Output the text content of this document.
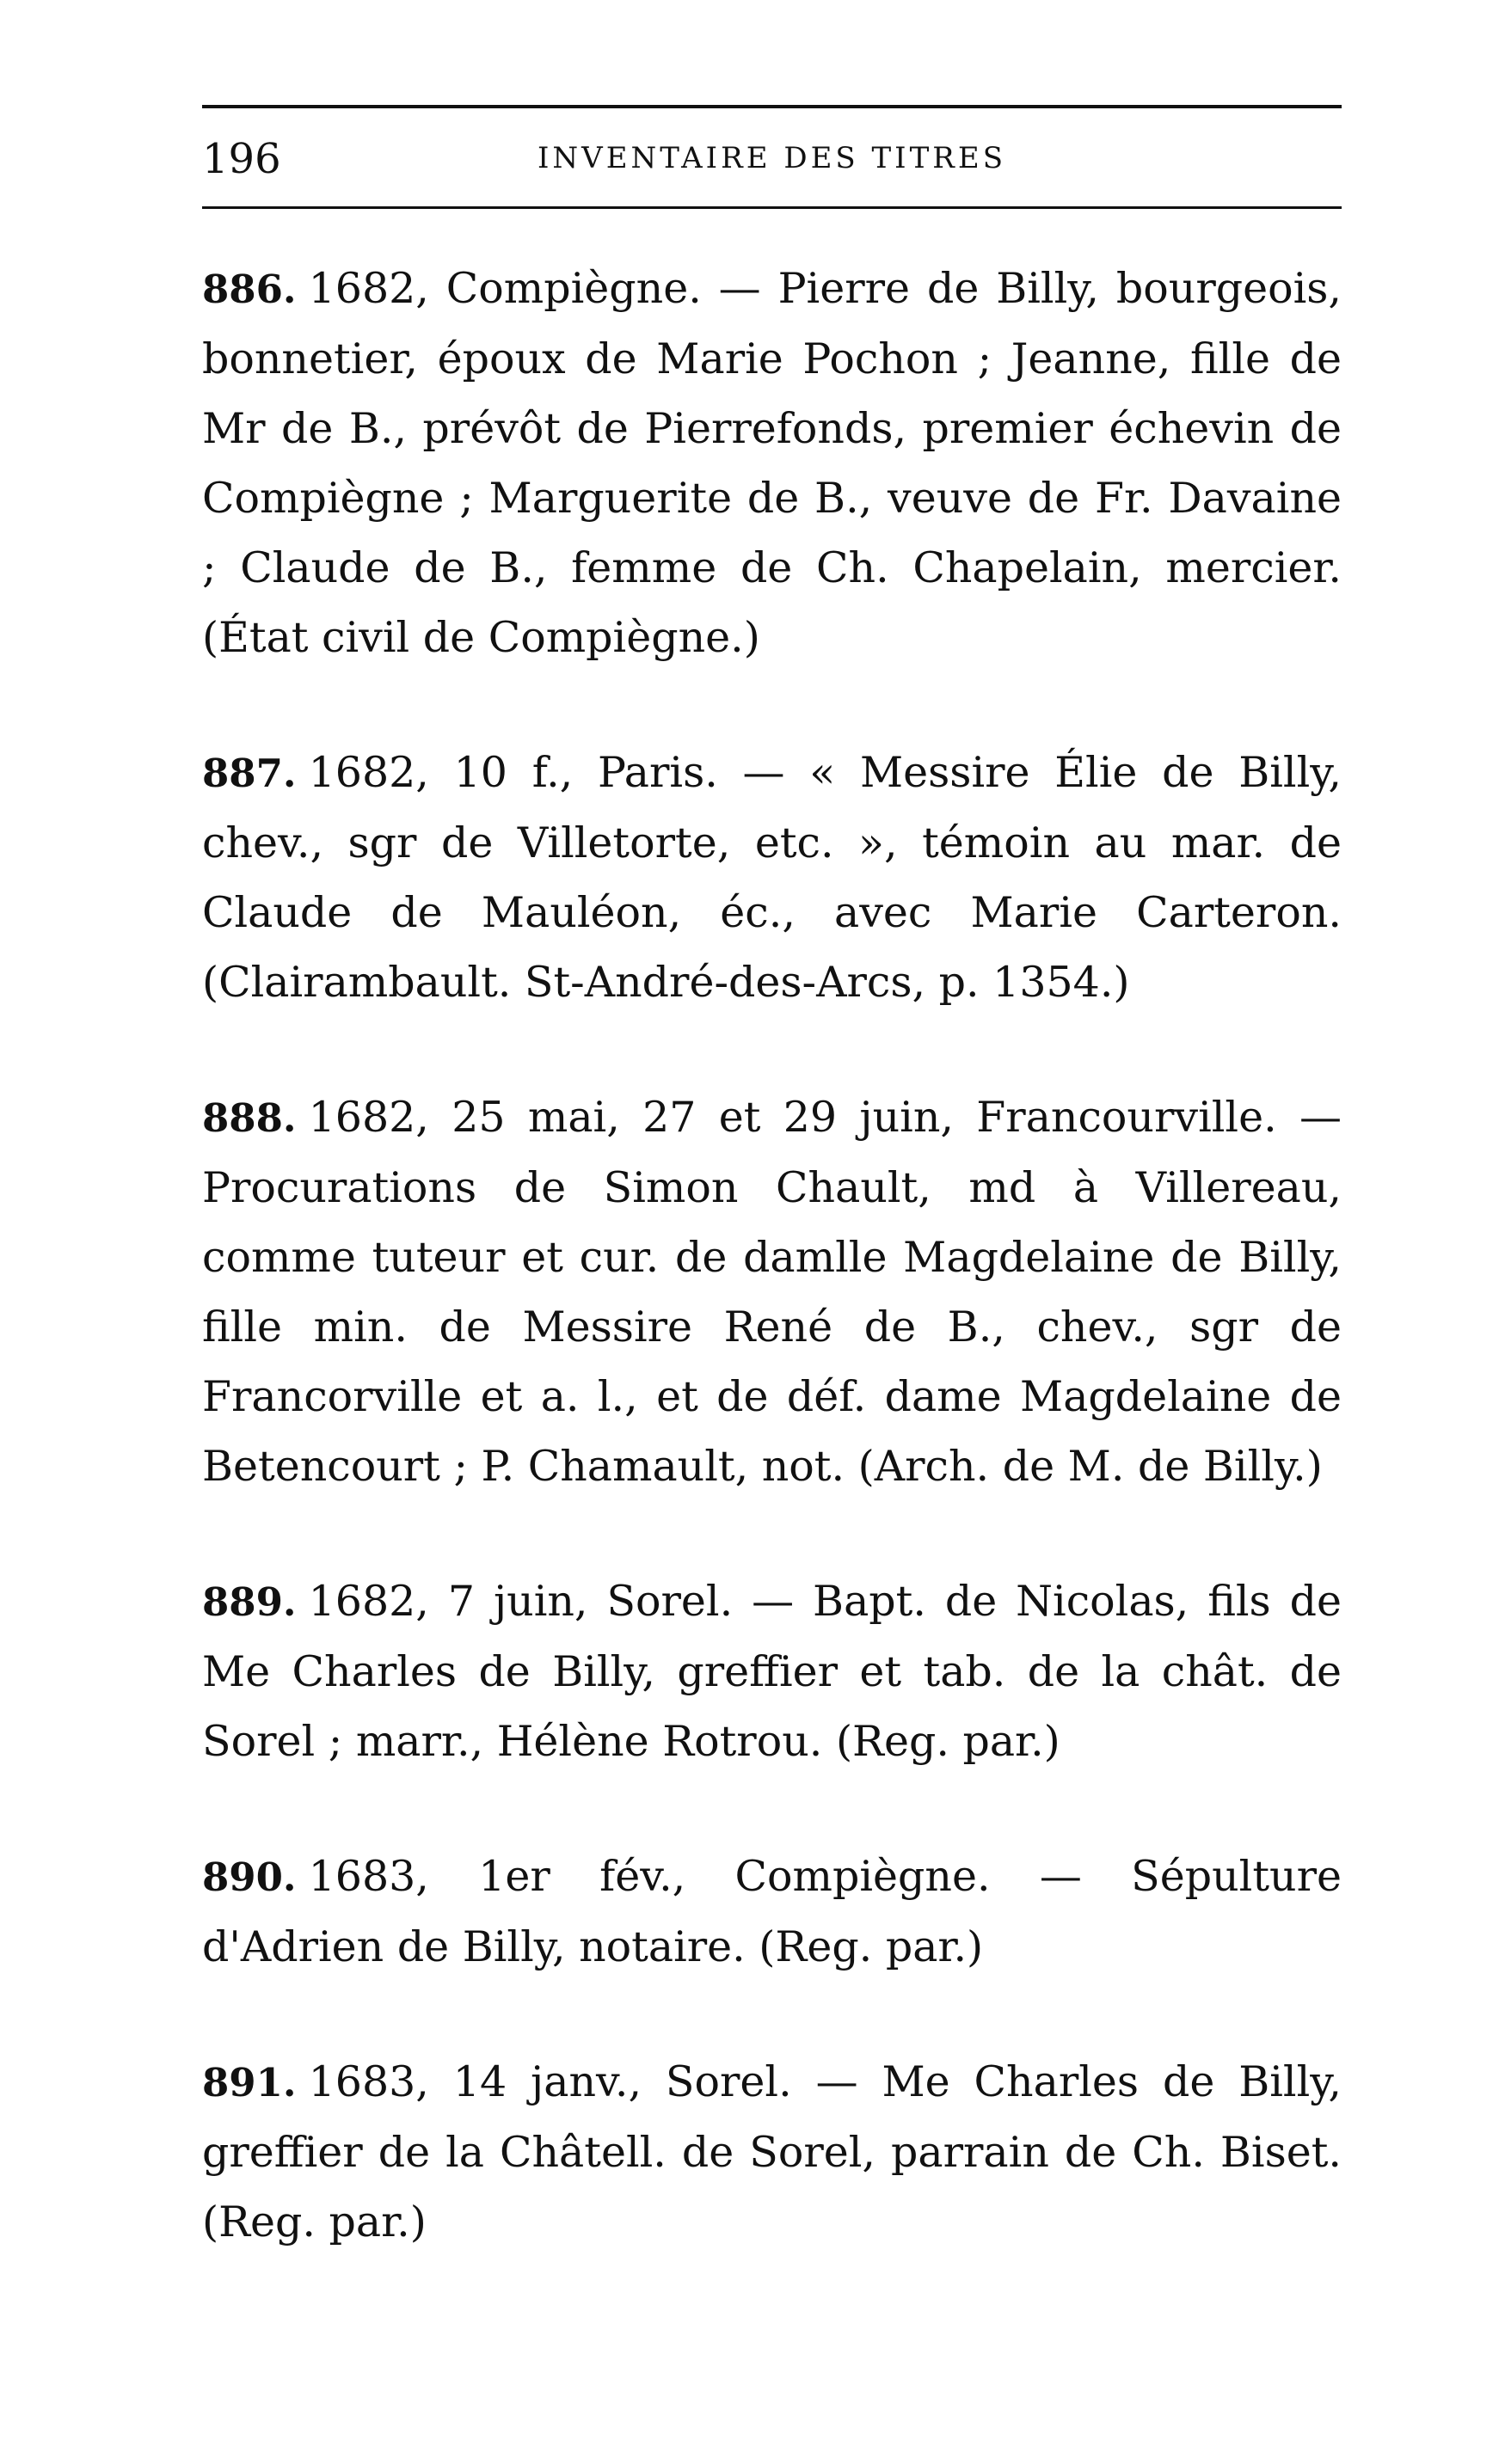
196	INVENTAIRE DES TITRES

886. 1682, Compiègne. — Pierre de Billy, bourgeois, bonnetier, époux de Marie Pochon ; Jeanne, fille de Mr de B., prévôt de Pierrefonds, premier échevin de Compiègne ; Marguerite de B., veuve de Fr. Davaine ; Claude de B., femme de Ch. Chapelain, mercier. (État civil de Compiègne.)

887. 1682, 10 f., Paris. — « Messire Élie de Billy, chev., sgr de Villetorte, etc. », témoin au mar. de Claude de Mauléon, éc., avec Marie Carteron. (Clairambault. St-André-des-Arcs, p. 1354.)

888. 1682, 25 mai, 27 et 29 juin, Francourville. — Procurations de Simon Chault, md à Villereau, comme tuteur et cur. de damlle Magdelaine de Billy, fille min. de Messire René de B., chev., sgr de Francorville et a. l., et de déf. dame Magdelaine de Betencourt ; P. Chamault, not. (Arch. de M. de Billy.)

889. 1682, 7 juin, Sorel. — Bapt. de Nicolas, fils de Me Charles de Billy, greffier et tab. de la chât. de Sorel ; marr., Hélène Rotrou. (Reg. par.)

890. 1683, 1er fév., Compiègne. — Sépulture d'Adrien de Billy, notaire. (Reg. par.)

891. 1683, 14 janv., Sorel. — Me Charles de Billy, greffier de la Châtell. de Sorel, parrain de Ch. Biset. (Reg. par.)
